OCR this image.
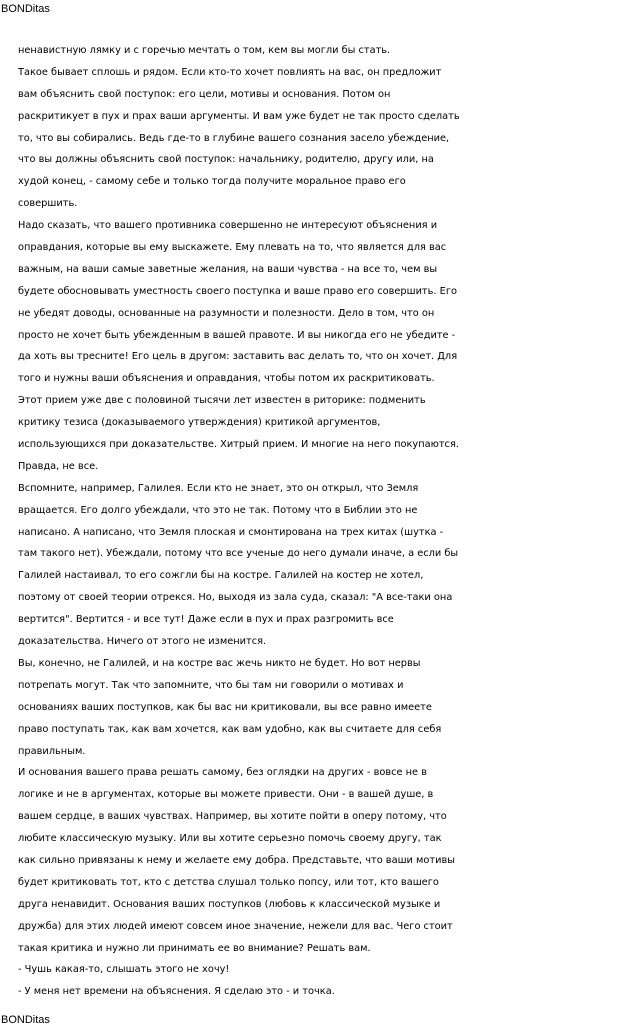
BONDitas
ненавистную лямку и с горечью мечтать о том, кем вы могли бы стать.
Такое бывает сплошь и рядом. Если кто-то хочет повлиять на вас, он предложит
вам объяснить свой поступок: его цели, мотивы и основания. Потом он
раскритикует в пух и прах ваши аргументы. И вам уже будет не так просто сделать
то, что вы собирались. Ведь где-то в глубине вашего сознания засело убеждение,
что вы должны объяснить свой поступок: начальнику, родителю, другу или, на
худой конец, - самому себе и только тогда получите моральное право его
совершить.
Надо сказать, что вашего противника совершенно не интересуют объяснения и
оправдания, которые вы ему выскажете. Ему плевать на то, что является для вас
важным, на ваши самые заветные желания, на ваши чувства - на все то, чем вы
будете обосновывать уместность своего поступка и ваше право его совершить. Его
не убедят доводы, основанные на разумности и полезности. Дело в том, что он
просто не хочет быть убежденным в вашей правоте. И вы никогда его не убедите -
да хоть вы тресните! Его цель в другом: заставить вас делать то, что он хочет. Для
того и нужны ваши объяснения и оправдания, чтобы потом их раскритиковать.
Этот прием уже две с половиной тысячи лет известен в риторике: подменить
критику тезиса (доказываемого утверждения) критикой аргументов,
использующихся при доказательстве. Хитрый прием. И многие на него покупаются.
Правда, не все.
Вспомните, например, Галилея. Если кто не знает, это он открыл, что Земля
вращается. Его долго убеждали, что это не так. Потому что в Библии это не
написано. А написано, что Земля плоская и смонтирована на трех китах (шутка -
там такого нет). Убеждали, потому что все ученые до него думали иначе, а если бы
Галилей настаивал, то его сожгли бы на костре. Галилей на костер не хотел,
поэтому от своей теории отрекся. Но, выходя из зала суда, сказал: "А все-таки она
вертится". Вертится - и все тут! Даже если в пух и прах разгромить все
доказательства. Ничего от этого не изменится.
Вы, конечно, не Галилей, и на костре вас жечь никто не будет. Но вот нервы
потрепать могут. Так что запомните, что бы там ни говорили о мотивах и
основаниях ваших поступков, как бы вас ни критиковали, вы все равно имеете
право поступать так, как вам хочется, как вам удобно, как вы считаете для себя
правильным.
И основания вашего права решать самому, без оглядки на других - вовсе не в
логике и не в аргументах, которые вы можете привести. Они - в вашей душе, в
вашем сердце, в ваших чувствах. Например, вы хотите пойти в оперу потому, что
любите классическую музыку. Или вы хотите серьезно помочь своему другу, так
как сильно привязаны к нему и желаете ему добра. Представьте, что ваши мотивы
будет критиковать тот, кто с детства слушал только попсу, или тот, кто вашего
друга ненавидит. Основания ваших поступков (любовь к классической музыке и
дружба) для этих людей имеют совсем иное значение, нежели для вас. Чего стоит
такая критика и нужно ли принимать ее во внимание? Решать вам.
- Чушь какая-то, слышать этого не хочу!
- У меня нет времени на объяснения. Я сделаю это - и точка.
BONDitas
